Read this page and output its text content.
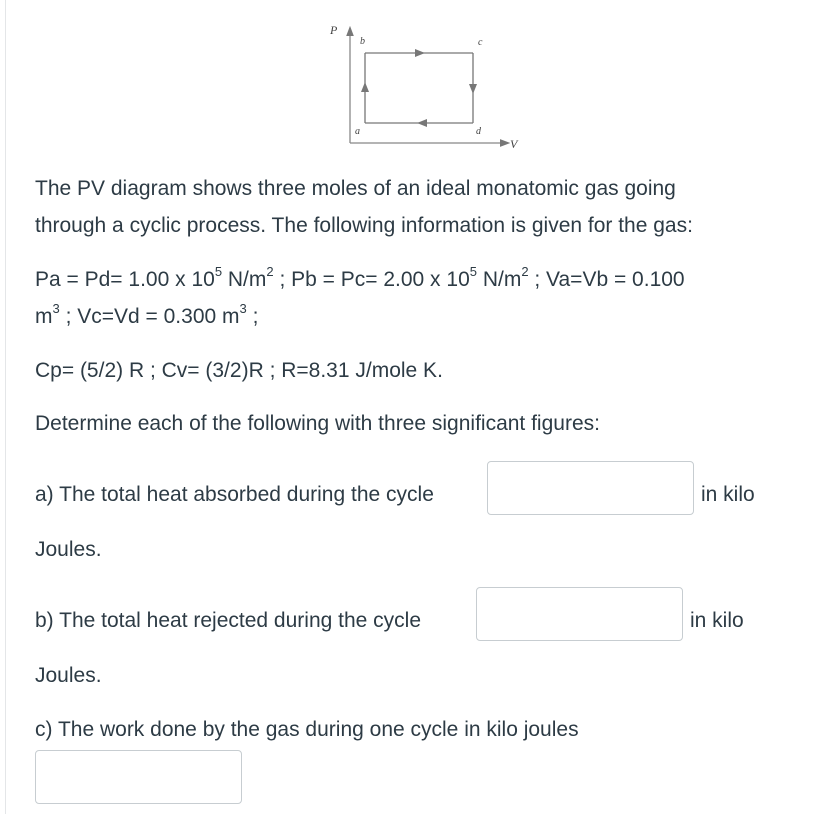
P
V
a
b	c
d

The PV diagram shows three moles of an ideal monatomic gas going

through a cyclic process. The following information is given for the gas:

Pa = Pd= 1.00 x $10^5$ $N/m^2$ ; Pb = Pc= 2.00 x $10^5$ $N/m^2$ ; Va=Vb = 0.100

$m^3$ ; Vc=Vd = 0.300 $m^3$ ;

Cp= (5/2) R ; Cv= (3/2)R ; R=8.31 J/mole K.

Determine each of the following with three significant figures:

a) The total heat absorbed during the cycle	in kilo

Joules.

b) The total heat rejected during the cycle	in kilo

Joules.

c) The work done by the gas during one cycle in kilo joules
